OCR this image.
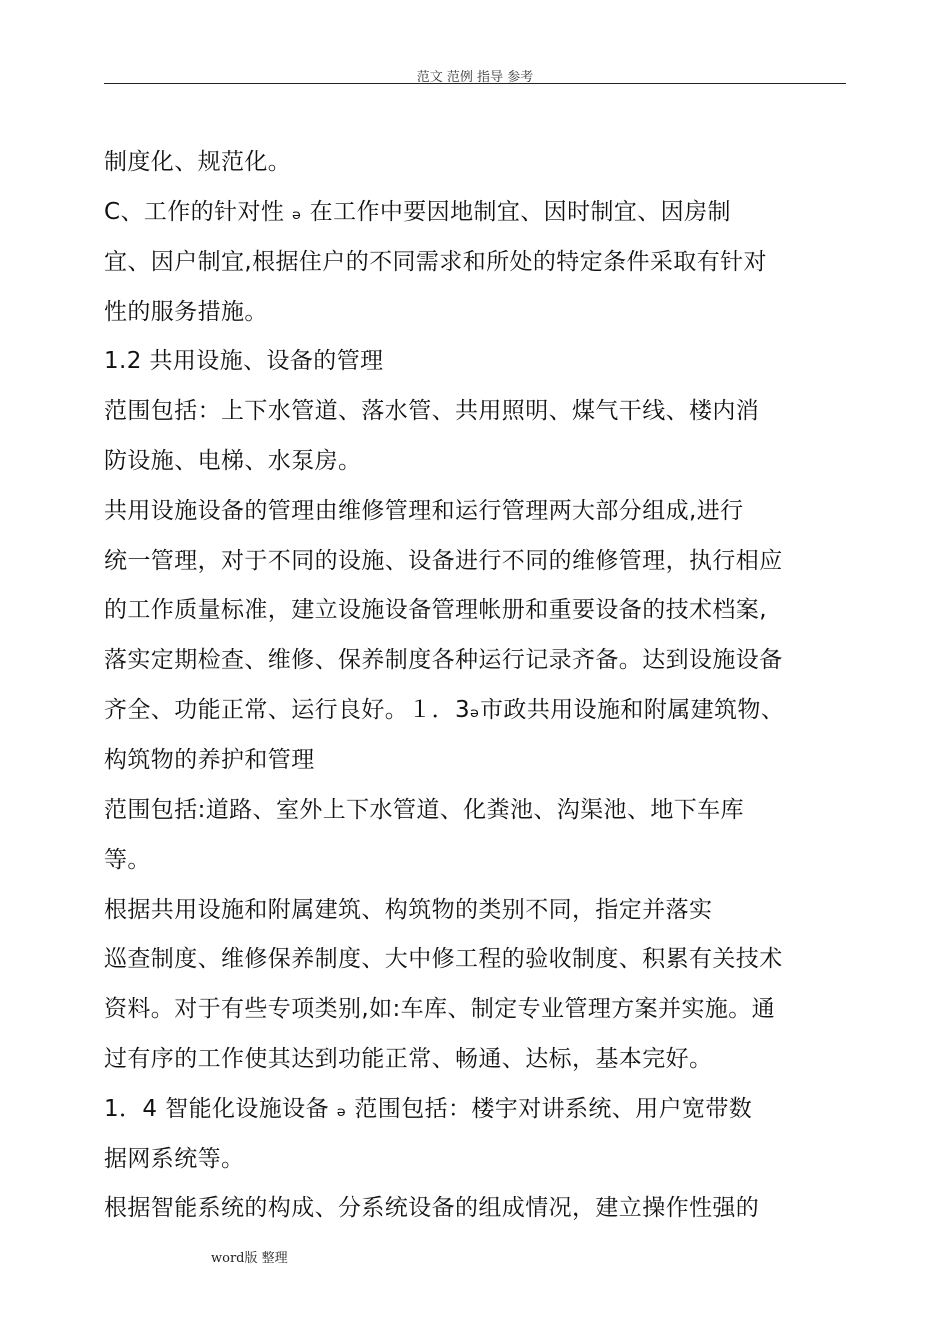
范文 范例 指导 参考
制度化、规范化。
C、工作的针对性 ﻿ₔ 在工作中要因地制宜、因时制宜、因房制
宜、因户制宜,根据住户的不同需求和所处的特定条件采取有针对
性的服务措施。
1.2 共用设施、设备的管理
范围包括：上下水管道、落水管、共用照明、煤气干线、楼内消
防设施、电梯、水泵房。
共用设施设备的管理由维修管理和运行管理两大部分组成,进行
统一管理，对于不同的设施、设备进行不同的维修管理，执行相应
的工作质量标准，建立设施设备管理帐册和重要设备的技术档案,
落实定期检查、维修、保养制度各种运行记录齐备。达到设施设备
齐全、功能正常、运行良好。１．3ₔ市政共用设施和附属建筑物、
构筑物的养护和管理
范围包括:道路、室外上下水管道、化粪池、沟渠池、地下车库
等。
根据共用设施和附属建筑、构筑物的类别不同，指定并落实
巡查制度、维修保养制度、大中修工程的验收制度、积累有关技术
资料。对于有些专项类别,如:车库、制定专业管理方案并实施。通
过有序的工作使其达到功能正常、畅通、达标，基本完好。
1．4 智能化设施设备 ₔ 范围包括：楼宇对讲系统、用户宽带数
据网系统等。
根据智能系统的构成、分系统设备的组成情况，建立操作性强的
word版 整理
